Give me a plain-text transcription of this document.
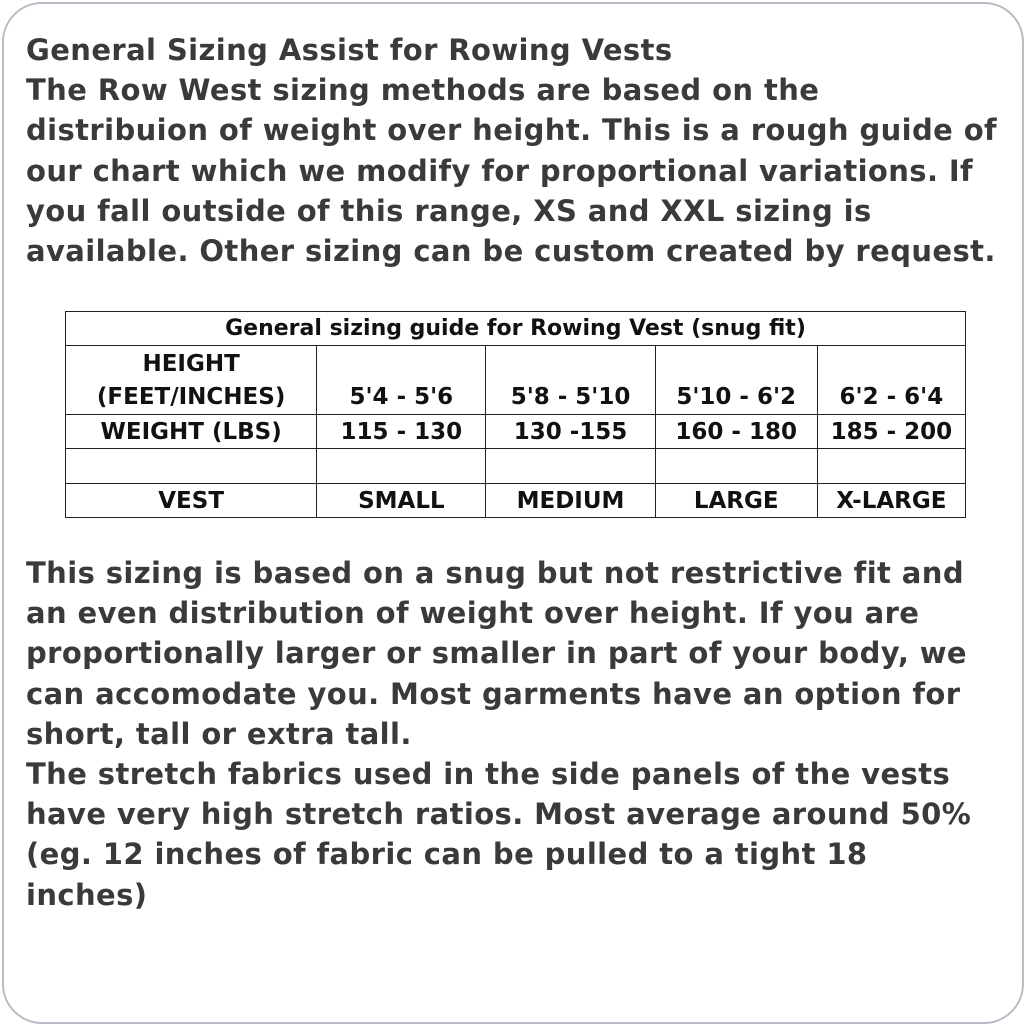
General Sizing Assist for Rowing Vests
The Row West sizing methods are based on the
distribuion of weight over height. This is a rough guide of
our chart which we modify for proportional variations. If
you fall outside of this range, XS and XXL sizing is
available. Other sizing can be custom created by request.
General sizing guide for Rowing Vest (snug fit)				
HEIGHT
(FEET/INCHES)	5'4 - 5'6	5'8 - 5'10	5'10 - 6'2	6'2 - 6'4
WEIGHT (LBS)	115 - 130	130 -155	160 - 180	185 - 200

VEST	SMALL	MEDIUM	LARGE	X-LARGE
This sizing is based on a snug but not restrictive fit and
an even distribution of weight over height. If you are
proportionally larger or smaller in part of your body, we
can accomodate you. Most garments have an option for
short, tall or extra tall.
The stretch fabrics used in the side panels of the vests
have very high stretch ratios. Most average around 50%
(eg. 12 inches of fabric can be pulled to a tight 18
inches)
